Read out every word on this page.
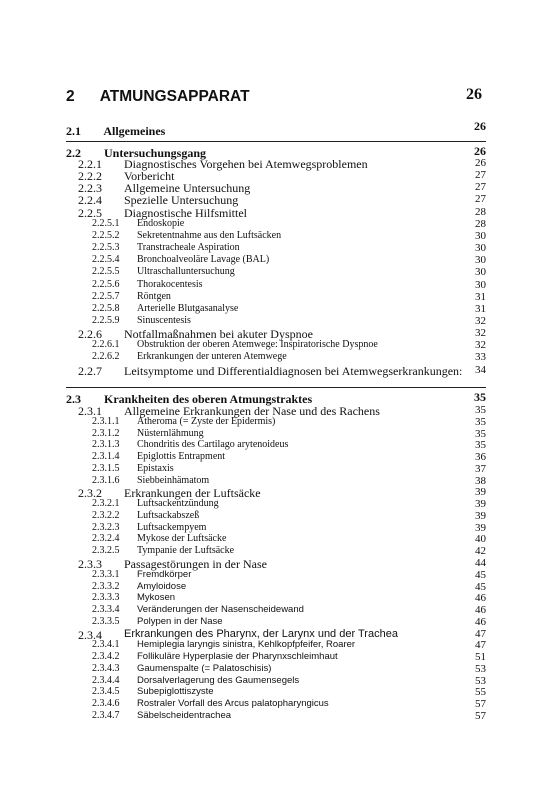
2 ATMUNGSAPPARAT	26
2.1 Allgemeines	26
2.2 Untersuchungsgang	26
2.2.1 Diagnostisches Vorgehen bei Atemwegsproblemen	26
2.2.2 Vorbericht	27
2.2.3 Allgemeine Untersuchung	27
2.2.4 Spezielle Untersuchung	27
2.2.5 Diagnostische Hilfsmittel	28
2.2.5.1 Endoskopie	28
2.2.5.2 Sekretentnahme aus den Luftsäcken	30
2.2.5.3 Transtracheale Aspiration	30
2.2.5.4 Bronchoalveoläre Lavage (BAL)	30
2.2.5.5 Ultraschalluntersuchung	30
2.2.5.6 Thorakocentesis	30
2.2.5.7 Röntgen	31
2.2.5.8 Arterielle Blutgasanalyse	31
2.2.5.9 Sinuscentesis	32
2.2.6 Notfallmaßnahmen bei akuter Dyspnoe	32
2.2.6.1 Obstruktion der oberen Atemwege: Inspiratorische Dyspnoe	32
2.2.6.2 Erkrankungen der unteren Atemwege	33
2.2.7 Leitsymptome und Differentialdiagnosen bei Atemwegserkrankungen:	34
2.3 Krankheiten des oberen Atmungstraktes	35
2.3.1 Allgemeine Erkrankungen der Nase und des Rachens	35
2.3.1.1 Atheroma (= Zyste der Epidermis)	35
2.3.1.2 Nüsternlähmung	35
2.3.1.3 Chondritis des Cartilago arytenoideus	35
2.3.1.4 Epiglottis Entrapment	36
2.3.1.5 Epistaxis	37
2.3.1.6 Siebbeinhämatom	38
2.3.2 Erkrankungen der Luftsäcke	39
2.3.2.1 Luftsackentzündung	39
2.3.2.2 Luftsackabszeß	39
2.3.2.3 Luftsackempyem	39
2.3.2.4 Mykose der Luftsäcke	40
2.3.2.5 Tympanie der Luftsäcke	42
2.3.3 Passagestörungen in der Nase	44
2.3.3.1 Fremdkörper	45
2.3.3.2 Amyloidose	45
2.3.3.3 Mykosen	46
2.3.3.4 Veränderungen der Nasenscheidewand	46
2.3.3.5 Polypen in der Nase	46
2.3.4 Erkrankungen des Pharynx, der Larynx und der Trachea	47
2.3.4.1 Hemiplegia laryngis sinistra, Kehlkopfpfeifer, Roarer	47
2.3.4.2 Follikuläre Hyperplasie der Pharynxschleimhaut	51
2.3.4.3 Gaumenspalte (= Palatoschisis)	53
2.3.4.4 Dorsalverlagerung des Gaumensegels	53
2.3.4.5 Subepiglottiszyste	55
2.3.4.6 Rostraler Vorfall des Arcus palatopharyngicus	57
2.3.4.7 Säbelscheidentrachea	57
